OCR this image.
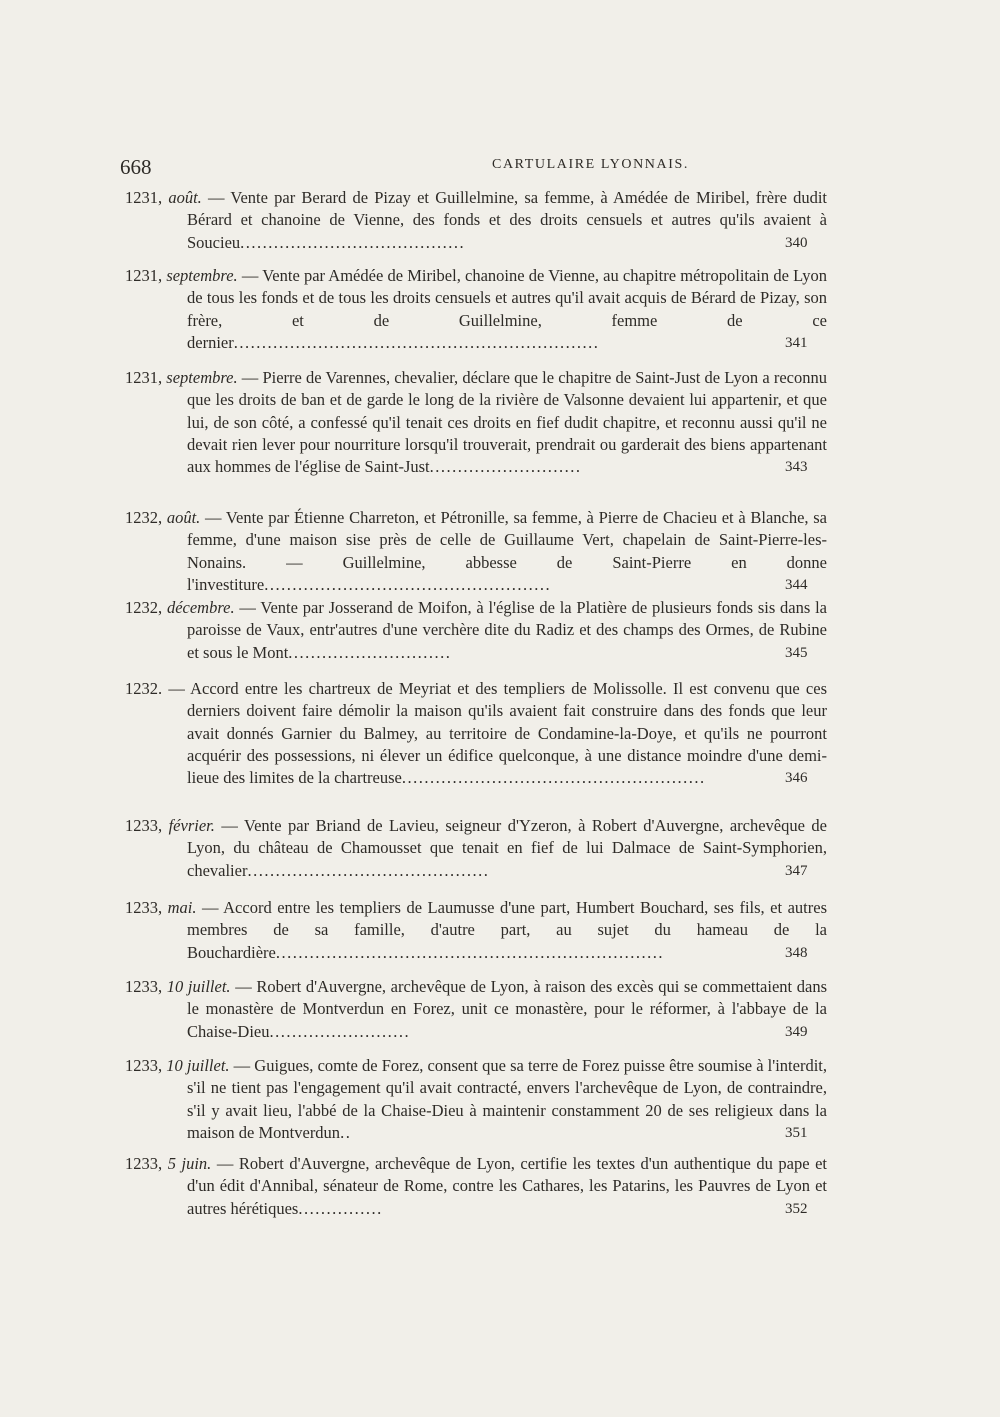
668	CARTULAIRE LYONNAIS.
1231, août. — Vente par Berard de Pizay et Guillelmine, sa femme, à Amédée de Miribel, frère dudit Bérard et chanoine de Vienne, des fonds et des droits censuels et autres qu'ils avaient à Soucieu........................................	340
1231, septembre. — Vente par Amédée de Miribel, chanoine de Vienne, au chapitre métropolitain de Lyon de tous les fonds et de tous les droits censuels et autres qu'il avait acquis de Bérard de Pizay, son frère, et de Guillelmine, femme de ce dernier.................................................................	341
1231, septembre. — Pierre de Varennes, chevalier, déclare que le chapitre de Saint-Just de Lyon a reconnu que les droits de ban et de garde le long de la rivière de Valsonne devaient lui appartenir, et que lui, de son côté, a confessé qu'il tenait ces droits en fief dudit chapitre, et reconnu aussi qu'il ne devait rien lever pour nourriture lorsqu'il trouverait, prendrait ou garderait des biens appartenant aux hommes de l'église de Saint-Just...........................	343
1232, août. — Vente par Étienne Charreton, et Pétronille, sa femme, à Pierre de Chacieu et à Blanche, sa femme, d'une maison sise près de celle de Guillaume Vert, chapelain de Saint-Pierre-les-Nonains. — Guillelmine, abbesse de Saint-Pierre en donne l'investiture...................................................	344
1232, décembre. — Vente par Josserand de Moifon, à l'église de la Platière de plusieurs fonds sis dans la paroisse de Vaux, entr'autres d'une verchère dite du Radiz et des champs des Ormes, de Rubine et sous le Mont.............................	345
1232. — Accord entre les chartreux de Meyriat et des templiers de Molissolle. Il est convenu que ces derniers doivent faire démolir la maison qu'ils avaient fait construire dans des fonds que leur avait donnés Garnier du Balmey, au territoire de Condamine-la-Doye, et qu'ils ne pourront acquérir des possessions, ni élever un édifice quelconque, à une distance moindre d'une demi-lieue des limites de la chartreuse......................................................	346
1233, février. — Vente par Briand de Lavieu, seigneur d'Yzeron, à Robert d'Auvergne, archevêque de Lyon, du château de Chamousset que tenait en fief de lui Dalmace de Saint-Symphorien, chevalier...........................................	347
1233, mai. — Accord entre les templiers de Laumusse d'une part, Humbert Bouchard, ses fils, et autres membres de sa famille, d'autre part, au sujet du hameau de la Bouchardière.....................................................................	348
1233, 10 juillet. — Robert d'Auvergne, archevêque de Lyon, à raison des excès qui se commettaient dans le monastère de Montverdun en Forez, unit ce monastère, pour le réformer, à l'abbaye de la Chaise-Dieu.........................	349
1233, 10 juillet. — Guigues, comte de Forez, consent que sa terre de Forez puisse être soumise à l'interdit, s'il ne tient pas l'engagement qu'il avait contracté, envers l'archevêque de Lyon, de contraindre, s'il y avait lieu, l'abbé de la Chaise-Dieu à maintenir constamment 20 de ses religieux dans la maison de Montverdun..	351
1233, 5 juin. — Robert d'Auvergne, archevêque de Lyon, certifie les textes d'un authentique du pape et d'un édit d'Annibal, sénateur de Rome, contre les Cathares, les Patarins, les Pauvres de Lyon et autres hérétiques...............	352
